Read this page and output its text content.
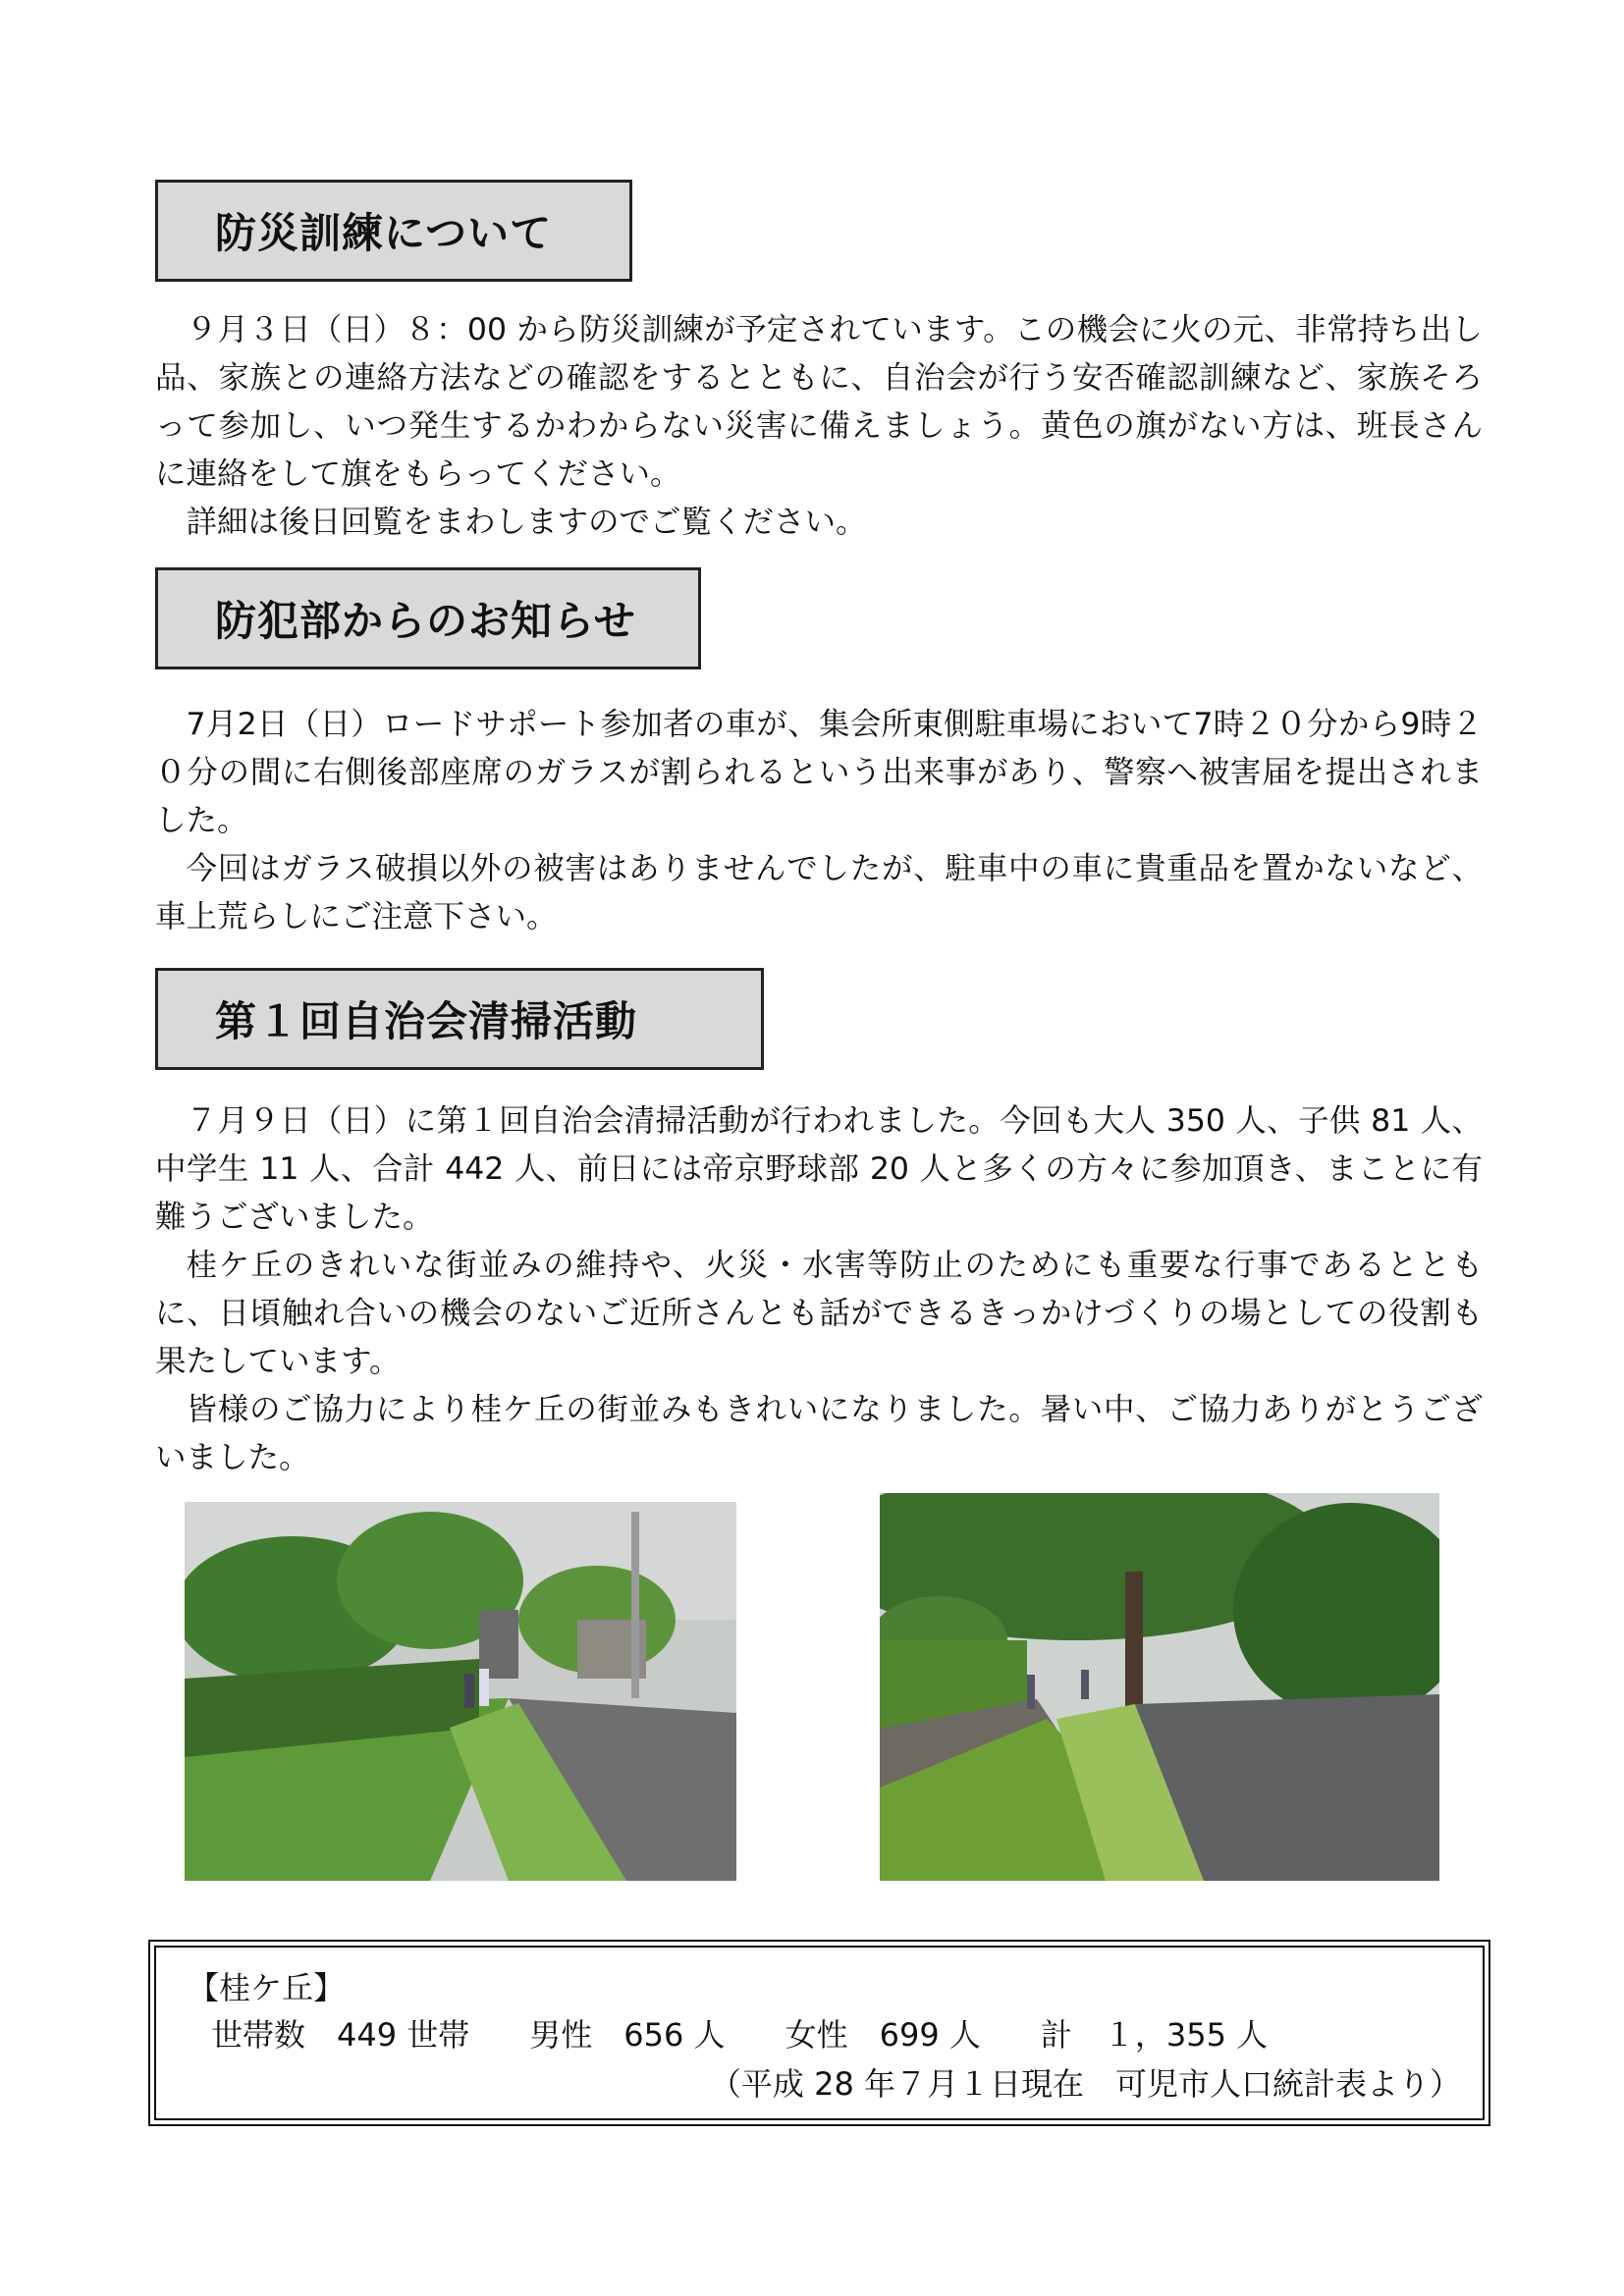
防災訓練について

９月３日（日）８：00 から防災訓練が予定されています。この機会に火の元、非常持ち出し品、家族との連絡方法などの確認をするとともに、自治会が行う安否確認訓練など、家族そろって参加し、いつ発生するかわからない災害に備えましょう。黄色の旗がない方は、班長さんに連絡をして旗をもらってください。

詳細は後日回覧をまわしますのでご覧ください。

防犯部からのお知らせ

7月2日（日）ロードサポート参加者の車が、集会所東側駐車場において7時２０分から9時２０分の間に右側後部座席のガラスが割られるという出来事があり、警察へ被害届を提出されました。

今回はガラス破損以外の被害はありませんでしたが、駐車中の車に貴重品を置かないなど、車上荒らしにご注意下さい。

第１回自治会清掃活動

７月９日（日）に第１回自治会清掃活動が行われました。今回も大人 350 人、子供 81 人、中学生 11 人、合計 442 人、前日には帝京野球部 20 人と多くの方々に参加頂き、まことに有難うございました。

桂ケ丘のきれいな街並みの維持や、火災・水害等防止のためにも重要な行事であるとともに、日頃触れ合いの機会のないご近所さんとも話ができるきっかけづくりの場としての役割も果たしています。

皆様のご協力により桂ケ丘の街並みもきれいになりました。暑い中、ご協力ありがとうございました。

【桂ケ丘】
世帯数　449 世帯 男性　656 人 女性　699 人 計　１，355 人
（平成 28 年７月１日現在　可児市人口統計表より）
